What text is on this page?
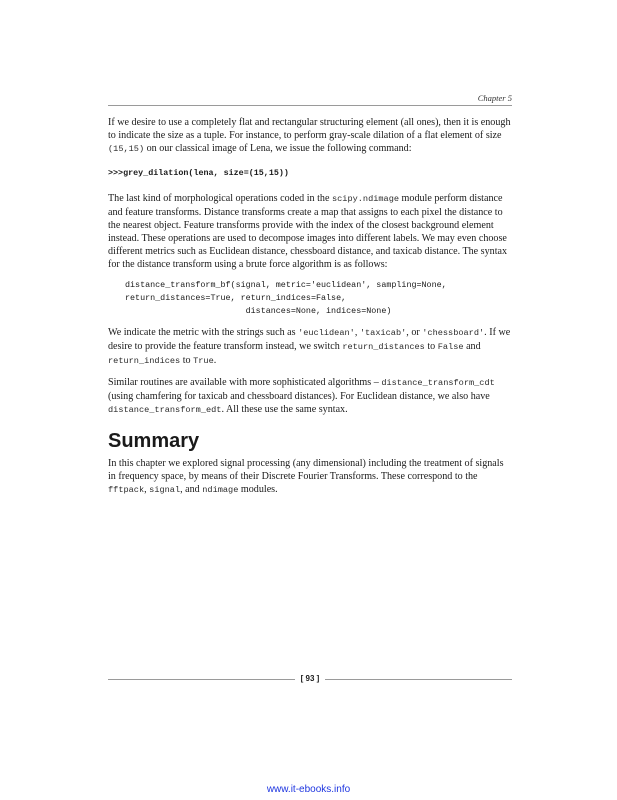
Chapter 5

If we desire to use a completely flat and rectangular structuring element (all ones), then it is enough to indicate the size as a tuple. For instance, to perform gray-scale dilation of a flat element of size (15,15) on our classical image of Lena, we issue the following command:

>>>grey_dilation(lena, size=(15,15))

The last kind of morphological operations coded in the scipy.ndimage module perform distance and feature transforms. Distance transforms create a map that assigns to each pixel the distance to the nearest object. Feature transforms provide with the index of the closest background element instead. These operations are used to decompose images into different labels. We may even choose different metrics such as Euclidean distance, chessboard distance, and taxicab distance. The syntax for the distance transform using a brute force algorithm is as follows:

distance_transform_bf(signal, metric='euclidean', sampling=None,
return_distances=True, return_indices=False,
distances=None, indices=None)

We indicate the metric with the strings such as 'euclidean', 'taxicab', or 'chessboard'. If we desire to provide the feature transform instead, we switch return_distances to False and return_indices to True.

Similar routines are available with more sophisticated algorithms – distance_transform_cdt (using chamfering for taxicab and chessboard distances). For Euclidean distance, we also have distance_transform_edt. All these use the same syntax.

Summary

In this chapter we explored signal processing (any dimensional) including the treatment of signals in frequency space, by means of their Discrete Fourier Transforms. These correspond to the fftpack, signal, and ndimage modules.

[ 93 ]
www.it-ebooks.info
